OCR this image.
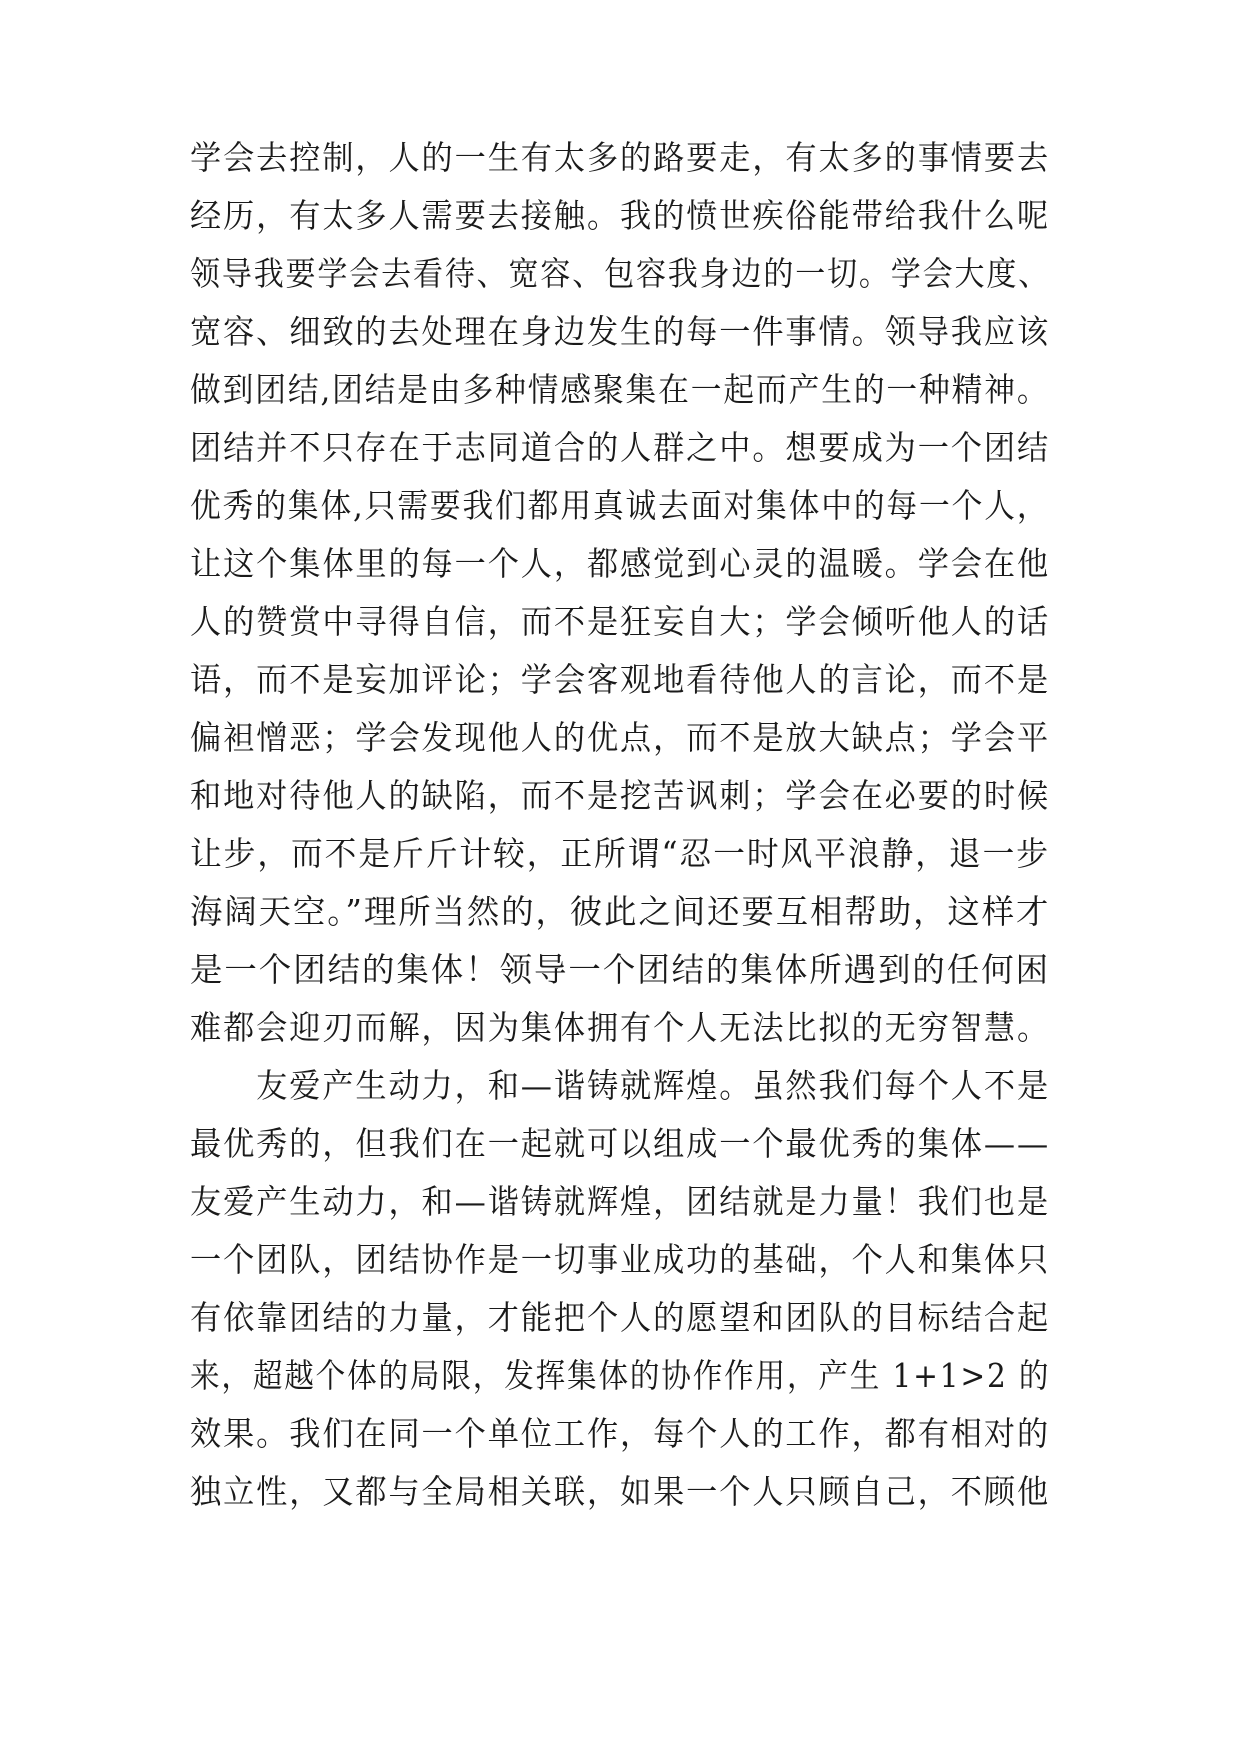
学会去控制，人的一生有太多的路要走，有太多的事情要去
经历，有太多人需要去接触。我的愤世疾俗能带给我什么呢
领导我要学会去看待、宽容、包容我身边的一切。学会大度、
宽容、细致的去处理在身边发生的每一件事情。领导我应该
做到团结,团结是由多种情感聚集在一起而产生的一种精神。
团结并不只存在于志同道合的人群之中。想要成为一个团结
优秀的集体,只需要我们都用真诚去面对集体中的每一个人，
让这个集体里的每一个人，都感觉到心灵的温暖。学会在他
人的赞赏中寻得自信，而不是狂妄自大；学会倾听他人的话
语，而不是妄加评论；学会客观地看待他人的言论，而不是
偏袒憎恶；学会发现他人的优点，而不是放大缺点；学会平
和地对待他人的缺陷，而不是挖苦讽刺；学会在必要的时候
让步，而不是斤斤计较，正所谓“忍一时风平浪静，退一步
海阔天空。”理所当然的，彼此之间还要互相帮助，这样才
是一个团结的集体！领导一个团结的集体所遇到的任何困
难都会迎刃而解，因为集体拥有个人无法比拟的无穷智慧。
　　友爱产生动力，和—谐铸就辉煌。虽然我们每个人不是
最优秀的，但我们在一起就可以组成一个最优秀的集体——
友爱产生动力，和—谐铸就辉煌，团结就是力量！我们也是
一个团队，团结协作是一切事业成功的基础，个人和集体只
有依靠团结的力量，才能把个人的愿望和团队的目标结合起
来，超越个体的局限，发挥集体的协作作用，产生 1+1>2 的
效果。我们在同一个单位工作，每个人的工作，都有相对的
独立性，又都与全局相关联，如果一个人只顾自己，不顾他
